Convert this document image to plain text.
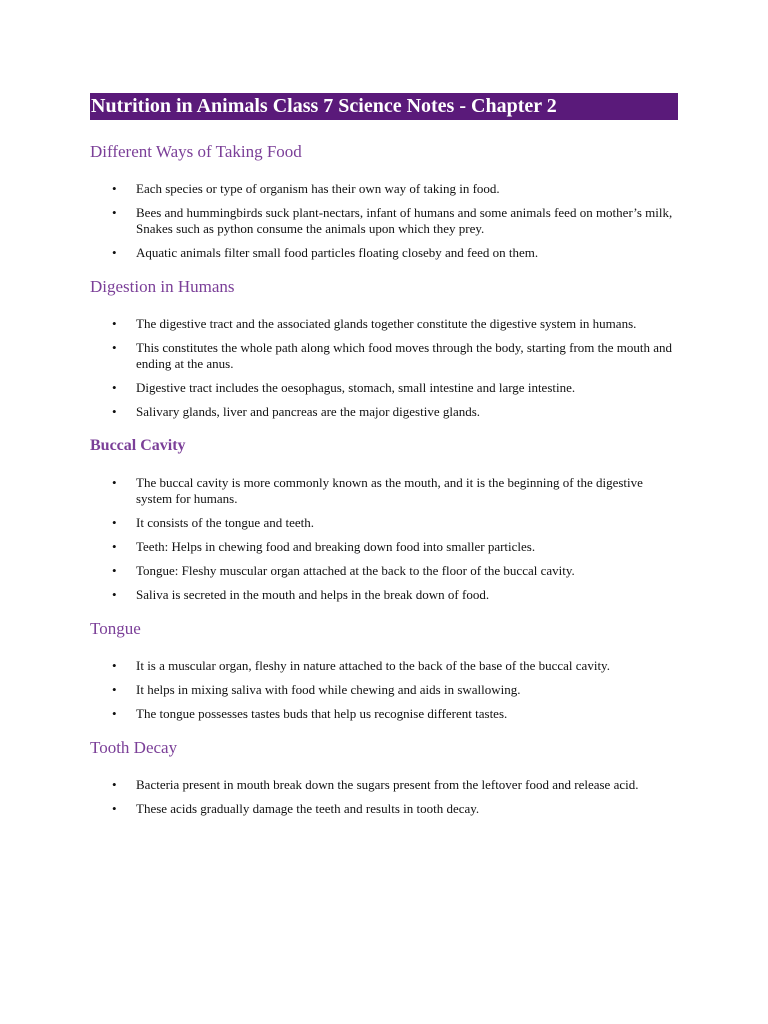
Nutrition in Animals Class 7 Science Notes - Chapter 2
Different Ways of Taking Food
• Each species or type of organism has their own way of taking in food.
• Bees and hummingbirds suck plant-nectars, infant of humans and some animals feed on mother’s milk, Snakes such as python consume the animals upon which they prey.
• Aquatic animals filter small food particles floating closeby and feed on them.
Digestion in Humans
• The digestive tract and the associated glands together constitute the digestive system in humans.
• This constitutes the whole path along which food moves through the body, starting from the mouth and ending at the anus.
• Digestive tract includes the oesophagus, stomach, small intestine and large intestine.
• Salivary glands, liver and pancreas are the major digestive glands.
Buccal Cavity
• The buccal cavity is more commonly known as the mouth, and it is the beginning of the digestive system for humans.
• It consists of the tongue and teeth.
• Teeth: Helps in chewing food and breaking down food into smaller particles.
• Tongue: Fleshy muscular organ attached at the back to the floor of the buccal cavity.
• Saliva is secreted in the mouth and helps in the break down of food.
Tongue
• It is a muscular organ, fleshy in nature attached to the back of the base of the buccal cavity.
• It helps in mixing saliva with food while chewing and aids in swallowing.
• The tongue possesses tastes buds that help us recognise different tastes.
Tooth Decay
• Bacteria present in mouth break down the sugars present from the leftover food and release acid.
• These acids gradually damage the teeth and results in tooth decay.
